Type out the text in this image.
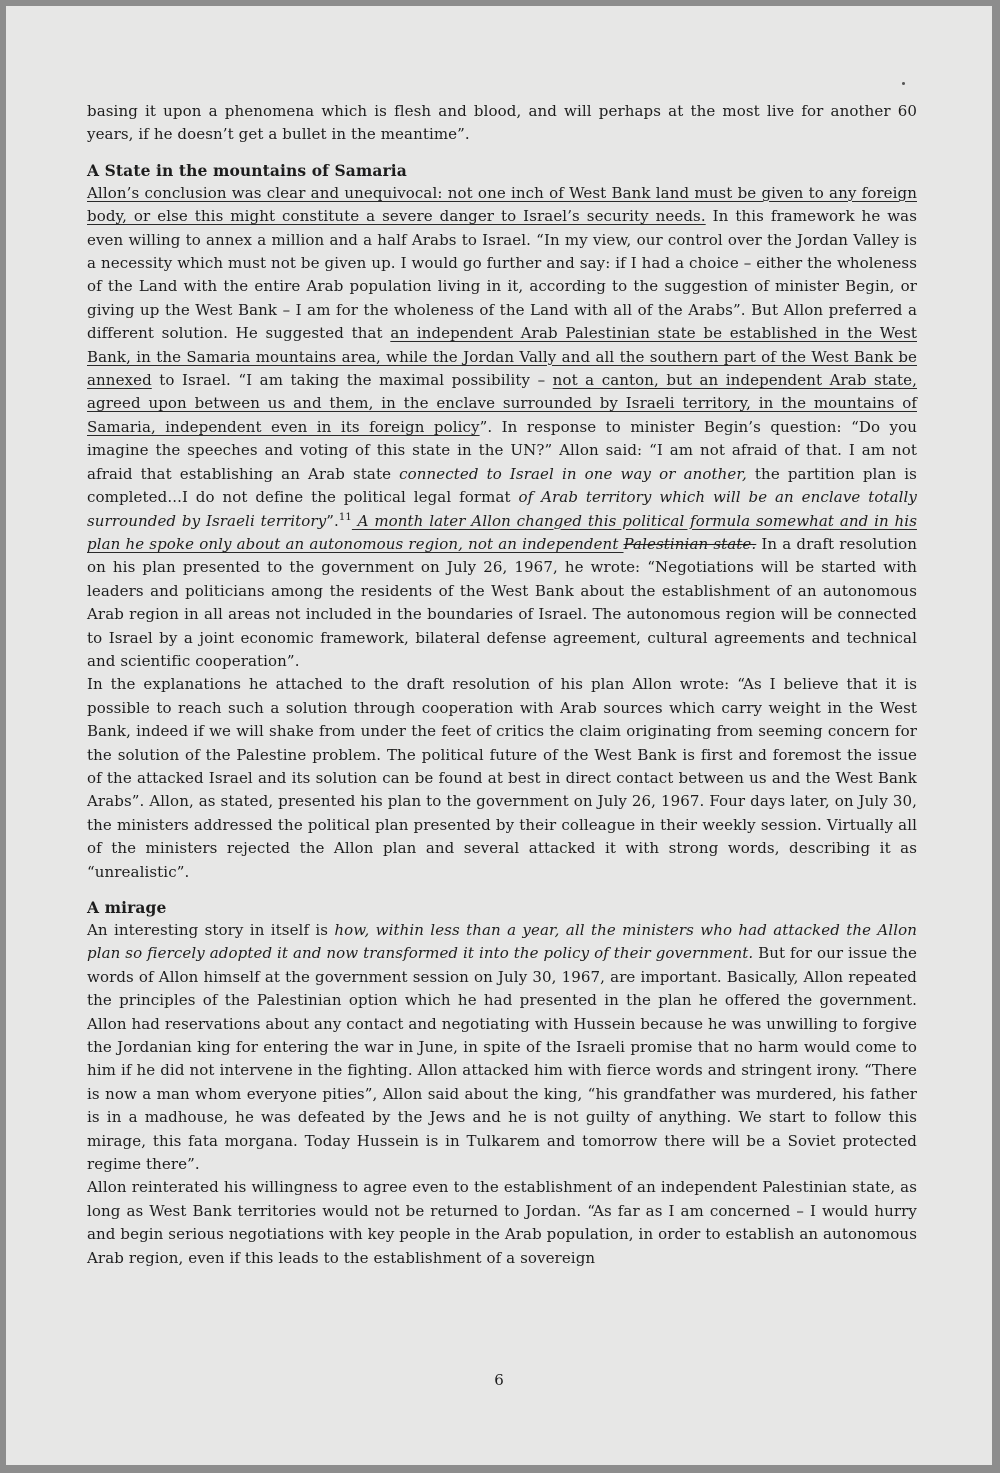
basing it upon a phenomena which is flesh and blood, and will perhaps at the most live for another 60 years, if he doesn’t get a bullet in the meantime”.

A State in the mountains of Samaria

Allon’s conclusion was clear and unequivocal: not one inch of West Bank land must be given to any foreign body, or else this might constitute a severe danger to Israel’s security needs. In this framework he was even willing to annex a million and a half Arabs to Israel. “In my view, our control over the Jordan Valley is a necessity which must not be given up. I would go further and say: if I had a choice – either the wholeness of the Land with the entire Arab population living in it, according to the suggestion of minister Begin, or giving up the West Bank – I am for the wholeness of the Land with all of the Arabs”. But Allon preferred a different solution. He suggested that an independent Arab Palestinian state be established in the West Bank, in the Samaria mountains area, while the Jordan Vally and all the southern part of the West Bank be annexed to Israel. “I am taking the maximal possibility – not a canton, but an independent Arab state, agreed upon between us and them, in the enclave surrounded by Israeli territory, in the mountains of Samaria, independent even in its foreign policy”. In response to minister Begin’s question: “Do you imagine the speeches and voting of this state in the UN?” Allon said: “I am not afraid of that. I am not afraid that establishing an Arab state connected to Israel in one way or another, the partition plan is completed...I do not define the political legal format of Arab territory which will be an enclave totally surrounded by Israeli territory”.$^{11}$ A month later Allon changed this political formula somewhat and in his plan he spoke only about an autonomous region, not an independent Palestinian state. In a draft resolution on his plan presented to the government on July 26, 1967, he wrote: “Negotiations will be started with leaders and politicians among the residents of the West Bank about the establishment of an autonomous Arab region in all areas not included in the boundaries of Israel. The autonomous region will be connected to Israel by a joint economic framework, bilateral defense agreement, cultural agreements and technical and scientific cooperation”.

In the explanations he attached to the draft resolution of his plan Allon wrote: “As I believe that it is possible to reach such a solution through cooperation with Arab sources which carry weight in the West Bank, indeed if we will shake from under the feet of critics the claim originating from seeming concern for the solution of the Palestine problem. The political future of the West Bank is first and foremost the issue of the attacked Israel and its solution can be found at best in direct contact between us and the West Bank Arabs”. Allon, as stated, presented his plan to the government on July 26, 1967. Four days later, on July 30, the ministers addressed the political plan presented by their colleague in their weekly session. Virtually all of the ministers rejected the Allon plan and several attacked it with strong words, describing it as “unrealistic”.

A mirage

An interesting story in itself is how, within less than a year, all the ministers who had attacked the Allon plan so fiercely adopted it and now transformed it into the policy of their government. But for our issue the words of Allon himself at the government session on July 30, 1967, are important. Basically, Allon repeated the principles of the Palestinian option which he had presented in the plan he offered the government. Allon had reservations about any contact and negotiating with Hussein because he was unwilling to forgive the Jordanian king for entering the war in June, in spite of the Israeli promise that no harm would come to him if he did not intervene in the fighting. Allon attacked him with fierce words and stringent irony. “There is now a man whom everyone pities”, Allon said about the king, “his grandfather was murdered, his father is in a madhouse, he was defeated by the Jews and he is not guilty of anything. We start to follow this mirage, this fata morgana. Today Hussein is in Tulkarem and tomorrow there will be a Soviet protected regime there”.

Allon reinterated his willingness to agree even to the establishment of an independent Palestinian state, as long as West Bank territories would not be returned to Jordan. “As far as I am concerned – I would hurry and begin serious negotiations with key people in the Arab population, in order to establish an autonomous Arab region, even if this leads to the establishment of a sovereign

6
